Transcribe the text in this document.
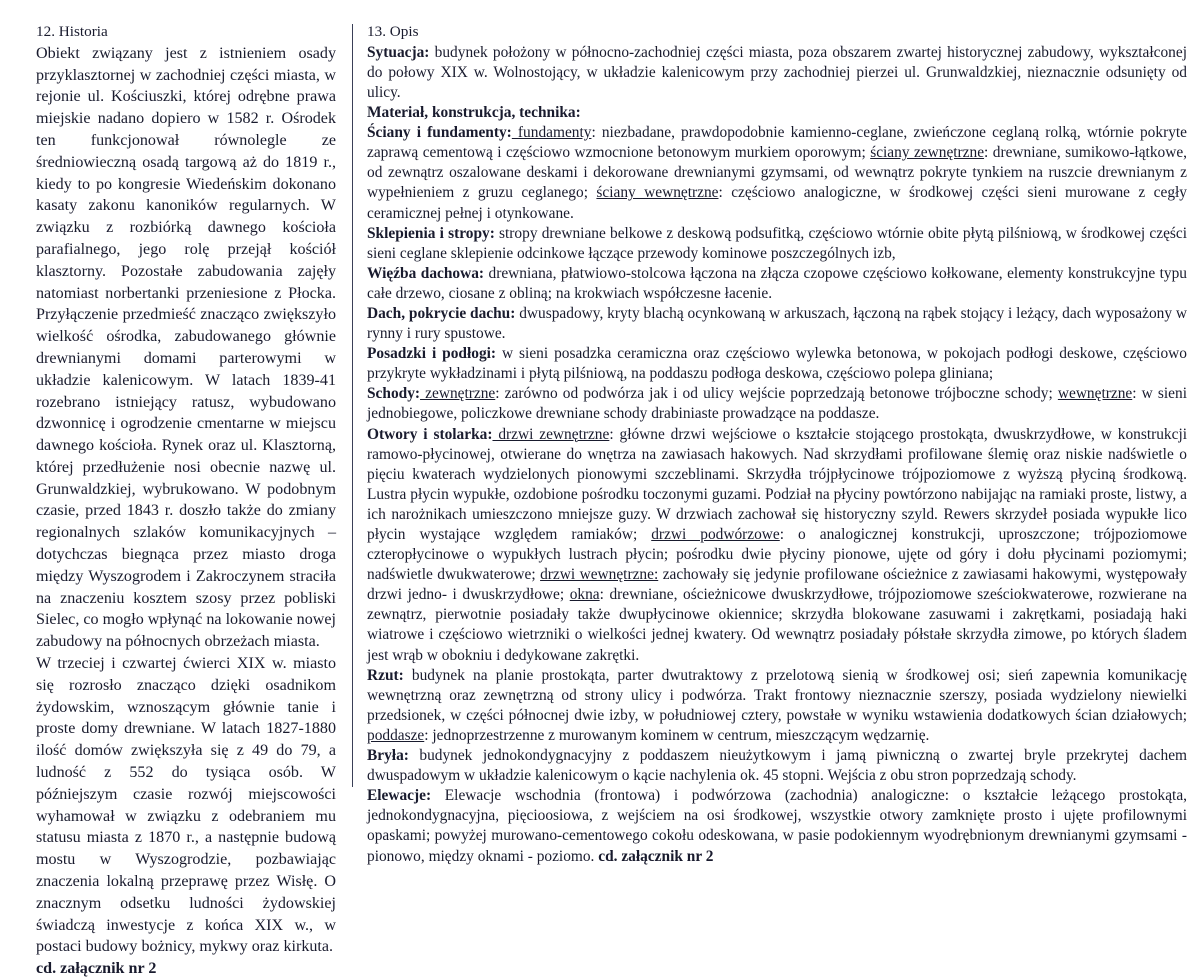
12. Historia

Obiekt związany jest z istnieniem osady przyklasztornej w zachodniej części miasta, w rejonie ul. Kościuszki, której odrębne prawa miejskie nadano dopiero w 1582 r. Ośrodek ten funkcjonował równolegle ze średniowieczną osadą targową aż do 1819 r., kiedy to po kongresie Wiedeńskim dokonano kasaty zakonu kanoników regularnych. W związku z rozbiórką dawnego kościoła parafialnego, jego rolę przejął kościół klasztorny. Pozostałe zabudowania zajęły natomiast norbertanki przeniesione z Płocka. Przyłączenie przedmieść znacząco zwiększyło wielkość ośrodka, zabudowanego głównie drewnianymi domami parterowymi w układzie kalenicowym. W latach 1839-41 rozebrano istniejący ratusz, wybudowano dzwonnicę i ogrodzenie cmentarne w miejscu dawnego kościoła. Rynek oraz ul. Klasztorną, której przedłużenie nosi obecnie nazwę ul. Grunwaldzkiej, wybrukowano. W podobnym czasie, przed 1843 r. doszło także do zmiany regionalnych szlaków komunikacyjnych – dotychczas biegnąca przez miasto droga między Wyszogrodem i Zakroczynem straciła na znaczeniu kosztem szosy przez pobliski Sielec, co mogło wpłynąć na lokowanie nowej zabudowy na północnych obrzeżach miasta.

W trzeciej i czwartej ćwierci XIX w. miasto się rozrosło znacząco dzięki osadnikom żydowskim, wznoszącym głównie tanie i proste domy drewniane. W latach 1827-1880 ilość domów zwiększyła się z 49 do 79, a ludność z 552 do tysiąca osób. W późniejszym czasie rozwój miejscowości wyhamował w związku z odebraniem mu statusu miasta z 1870 r., a następnie budową mostu w Wyszogrodzie, pozbawiając znaczenia lokalną przeprawę przez Wisłę. O znacznym odsetku ludności żydowskiej świadczą inwestycje z końca XIX w., w postaci budowy bożnicy, mykwy oraz kirkuta.

cd. załącznik nr 2

13. Opis

Sytuacja: budynek położony w północno-zachodniej części miasta, poza obszarem zwartej historycznej zabudowy, wykształconej do połowy XIX w. Wolnostojący, w układzie kalenicowym przy zachodniej pierzei ul. Grunwaldzkiej, nieznacznie odsunięty od ulicy.

Materiał, konstrukcja, technika:

Ściany i fundamenty: fundamenty: niezbadane, prawdopodobnie kamienno-ceglane, zwieńczone ceglaną rolką, wtórnie pokryte zaprawą cementową i częściowo wzmocnione betonowym murkiem oporowym; ściany zewnętrzne: drewniane, sumikowo-łątkowe, od zewnątrz oszalowane deskami i dekorowane drewnianymi gzymsami, od wewnątrz pokryte tynkiem na ruszcie drewnianym z wypełnieniem z gruzu ceglanego; ściany wewnętrzne: częściowo analogiczne, w środkowej części sieni murowane z cegły ceramicznej pełnej i otynkowane.

Sklepienia i stropy: stropy drewniane belkowe z deskową podsufitką, częściowo wtórnie obite płytą pilśniową, w środkowej części sieni ceglane sklepienie odcinkowe łączące przewody kominowe poszczególnych izb,

Więźba dachowa: drewniana, płatwiowo-stolcowa łączona na złącza czopowe częściowo kołkowane, elementy konstrukcyjne typu całe drzewo, ciosane z obliną; na krokwiach współczesne łacenie.

Dach, pokrycie dachu: dwuspadowy, kryty blachą ocynkowaną w arkuszach, łączoną na rąbek stojący i leżący, dach wyposażony w rynny i rury spustowe.

Posadzki i podłogi: w sieni posadzka ceramiczna oraz częściowo wylewka betonowa, w pokojach podłogi deskowe, częściowo przykryte wykładzinami i płytą pilśniową, na poddaszu podłoga deskowa, częściowo polepa gliniana;

Schody: zewnętrzne: zarówno od podwórza jak i od ulicy wejście poprzedzają betonowe trójboczne schody; wewnętrzne: w sieni jednobiegowe, policzkowe drewniane schody drabiniaste prowadzące na poddasze.

Otwory i stolarka: drzwi zewnętrzne: główne drzwi wejściowe o kształcie stojącego prostokąta, dwuskrzydłowe, w konstrukcji ramowo-płycinowej, otwierane do wnętrza na zawiasach hakowych. Nad skrzydłami profilowane ślemię oraz niskie nadświetle o pięciu kwaterach wydzielonych pionowymi szczeblinami. Skrzydła trójpłycinowe trójpoziomowe z wyższą płyciną środkową. Lustra płycin wypukłe, ozdobione pośrodku toczonymi guzami. Podział na płyciny powtórzono nabijając na ramiaki proste, listwy, a ich narożnikach umieszczono mniejsze guzy. W drzwiach zachował się historyczny szyld. Rewers skrzydeł posiada wypukłe lico płycin wystające względem ramiaków; drzwi podwórzowe: o analogicznej konstrukcji, uproszczone; trójpoziomowe czteropłycinowe o wypukłych lustrach płycin; pośrodku dwie płyciny pionowe, ujęte od góry i dołu płycinami poziomymi; nadświetle dwukwaterowe; drzwi wewnętrzne: zachowały się jedynie profilowane ościeżnice z zawiasami hakowymi, występowały drzwi jedno- i dwuskrzydłowe; okna: drewniane, ościeżnicowe dwuskrzydłowe, trójpoziomowe sześciokwaterowe, rozwierane na zewnątrz, pierwotnie posiadały także dwupłycinowe okiennice; skrzydła blokowane zasuwami i zakrętkami, posiadają haki wiatrowe i częściowo wietrzniki o wielkości jednej kwatery. Od wewnątrz posiadały półstałe skrzydła zimowe, po których śladem jest wrąb w obokniu i dedykowane zakrętki.

Rzut: budynek na planie prostokąta, parter dwutraktowy z przelotową sienią w środkowej osi; sień zapewnia komunikację wewnętrzną oraz zewnętrzną od strony ulicy i podwórza. Trakt frontowy nieznacznie szerszy, posiada wydzielony niewielki przedsionek, w części północnej dwie izby, w południowej cztery, powstałe w wyniku wstawienia dodatkowych ścian działowych; poddasze: jednoprzestrzenne z murowanym kominem w centrum, mieszczącym wędzarnię.

Bryła: budynek jednokondygnacyjny z poddaszem nieużytkowym i jamą piwniczną o zwartej bryle przekrytej dachem dwuspadowym w układzie kalenicowym o kącie nachylenia ok. 45 stopni. Wejścia z obu stron poprzedzają schody.

Elewacje: Elewacje wschodnia (frontowa) i podwórzowa (zachodnia) analogiczne: o kształcie leżącego prostokąta, jednokondygnacyjna, pięcioosiowa, z wejściem na osi środkowej, wszystkie otwory zamknięte prosto i ujęte profilownymi opaskami; powyżej murowano-cementowego cokołu odeskowana, w pasie podokiennym wyodrębnionym drewnianymi gzymsami - pionowo, między oknami - poziomo. cd. załącznik nr 2
